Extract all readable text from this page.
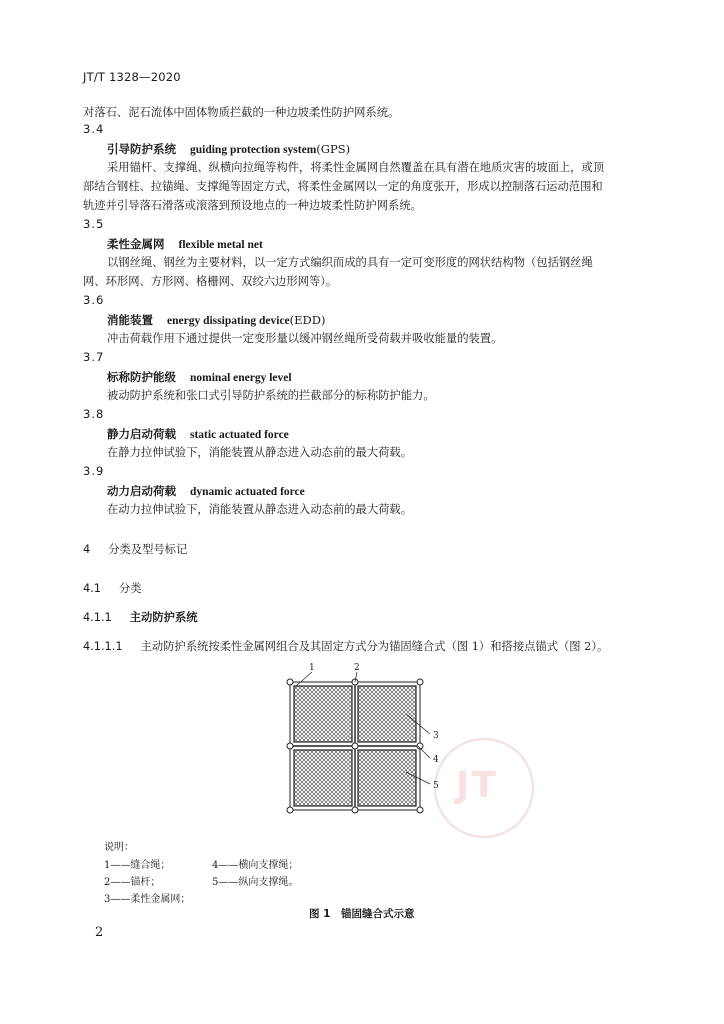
JT/T 1328—2020
对落石、泥石流体中固体物质拦截的一种边坡柔性防护网系统。
3.4
引导防护系统 guiding protection system(GPS)
采用锚杆、支撑绳、纵横向拉绳等构件，将柔性金属网自然覆盖在具有潜在地质灾害的坡面上，或顶
部结合钢柱、拉锚绳、支撑绳等固定方式，将柔性金属网以一定的角度张开，形成以控制落石运动范围和
轨迹并引导落石滑落或滚落到预设地点的一种边坡柔性防护网系统。
3.5
柔性金属网 flexible metal net
以钢丝绳、钢丝为主要材料，以一定方式编织而成的具有一定可变形度的网状结构物（包括钢丝绳
网、环形网、方形网、格栅网、双绞六边形网等）。
3.6
消能装置 energy dissipating device(EDD)
冲击荷载作用下通过提供一定变形量以缓冲钢丝绳所受荷载并吸收能量的装置。
3.7
标称防护能级 nominal energy level
被动防护系统和张口式引导防护系统的拦截部分的标称防护能力。
3.8
静力启动荷载 static actuated force
在静力拉伸试验下，消能装置从静态进入动态前的最大荷载。
3.9
动力启动荷载 dynamic actuated force
在动力拉伸试验下，消能装置从静态进入动态前的最大荷载。
4 分类及型号标记
4.1 分类
4.1.1 主动防护系统
4.1.1.1 主动防护系统按柔性金属网组合及其固定方式分为锚固缝合式（图 1）和搭接点锚式（图 2）。
JT
1	2
3
4
5
说明：
1——缝合绳；
2——锚杆；
3——柔性金属网；
4——横向支撑绳；
5——纵向支撑绳。
图 1　锚固缝合式示意
2
